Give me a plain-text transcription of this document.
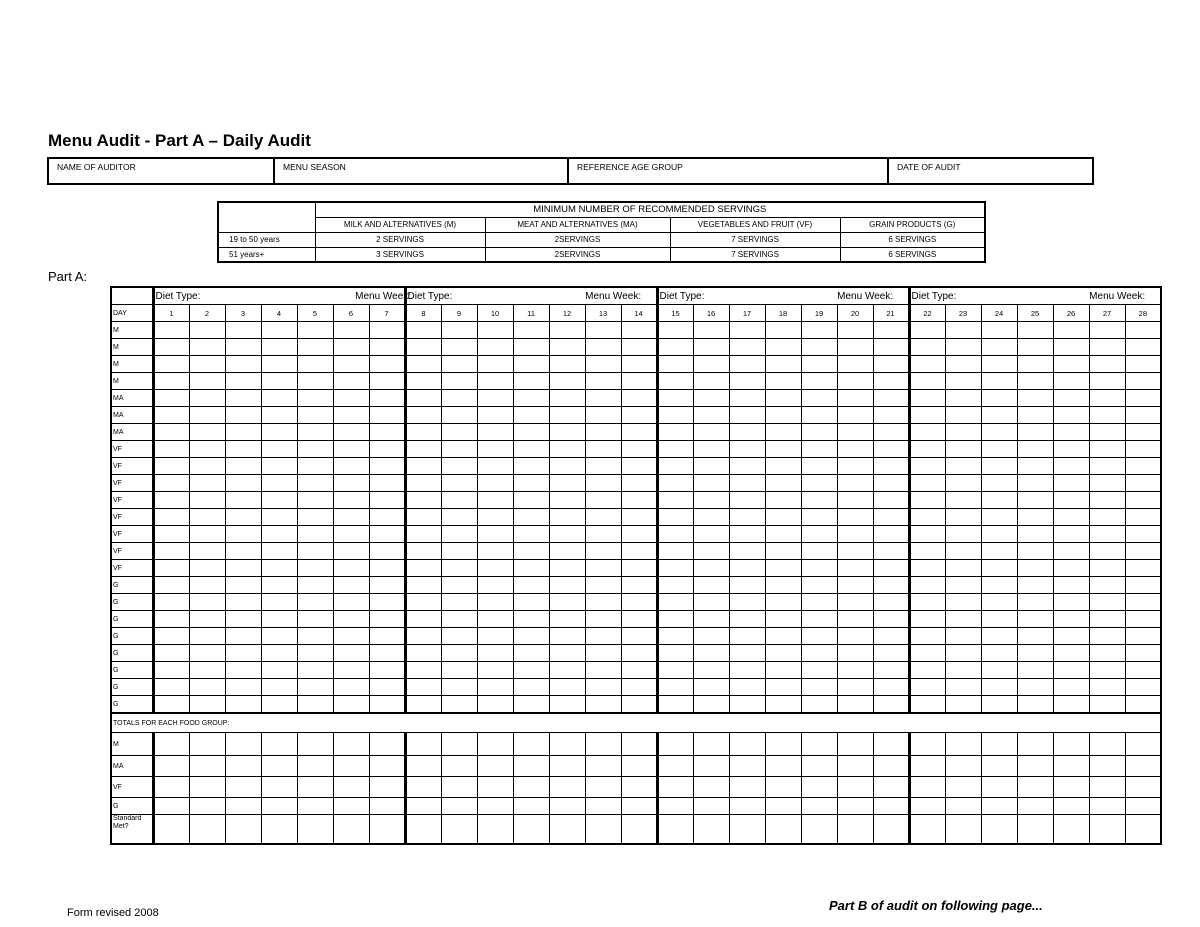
Menu Audit - Part A – Daily Audit
NAME OF AUDITOR	MENU SEASON	REFERENCE AGE GROUP	DATE OF AUDIT
	MINIMUM NUMBER OF RECOMMENDED SERVINGS			
	MILK AND ALTERNATIVES (M)	MEAT AND ALTERNATIVES (MA)	VEGETABLES AND FRUIT (VF)	GRAIN PRODUCTS (G)
19 to 50 years	2 SERVINGS	2SERVINGS	7 SERVINGS	6 SERVINGS
51 years+	3 SERVINGS	2SERVINGS	7 SERVINGS	6 SERVINGS
Part A:
	Diet Type: Menu Week:							Diet Type: Menu Week:							Diet Type: Menu Week:							Diet Type: Menu Week:						
DAY	1	2	3	4	5	6	7	8	9	10	11	12	13	14	15	16	17	18	19	20	21	22	23	24	25	26	27	28
M																												
M																												
M																												
M																												
MA																												
MA																												
MA																												
VF																												
VF																												
VF																												
VF																												
VF																												
VF																												
VF																												
VF																												
G																												
G																												
G																												
G																												
G																												
G																												
G																												
G																												
TOTALS FOR EACH FOOD GROUP:																												
M																												
MA																												
VF																												
G																												
Standard Met?																												
Form revised 2008	Part B of audit on following page...
